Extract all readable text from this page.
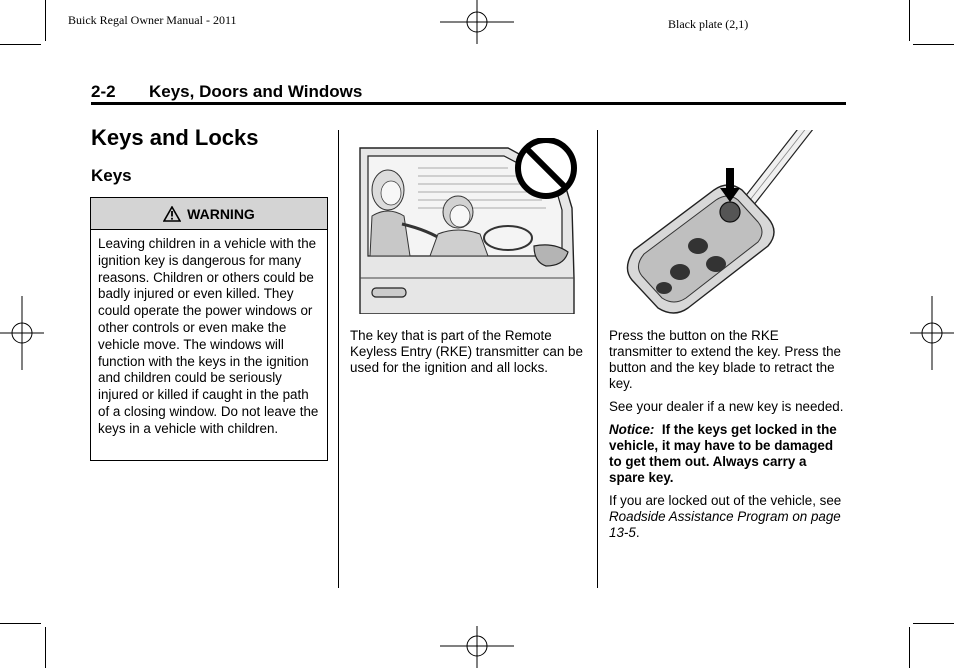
Buick Regal Owner Manual - 2011	Black plate (2,1)
2-2 Keys, Doors and Windows
Keys and Locks
Keys
WARNING
Leaving children in a vehicle with the ignition key is dangerous for many reasons. Children or others could be badly injured or even killed. They could operate the power windows or other controls or even make the vehicle move. The windows will function with the keys in the ignition and children could be seriously injured or killed if caught in the path of a closing window. Do not leave the keys in a vehicle with children.

The key that is part of the Remote Keyless Entry (RKE) transmitter can be used for the ignition and all locks.

Press the button on the RKE transmitter to extend the key. Press the button and the key blade to retract the key.

See your dealer if a new key is needed.

Notice: If the keys get locked in the vehicle, it may have to be damaged to get them out. Always carry a spare key.

If you are locked out of the vehicle, see Roadside Assistance Program on page 13-5.
